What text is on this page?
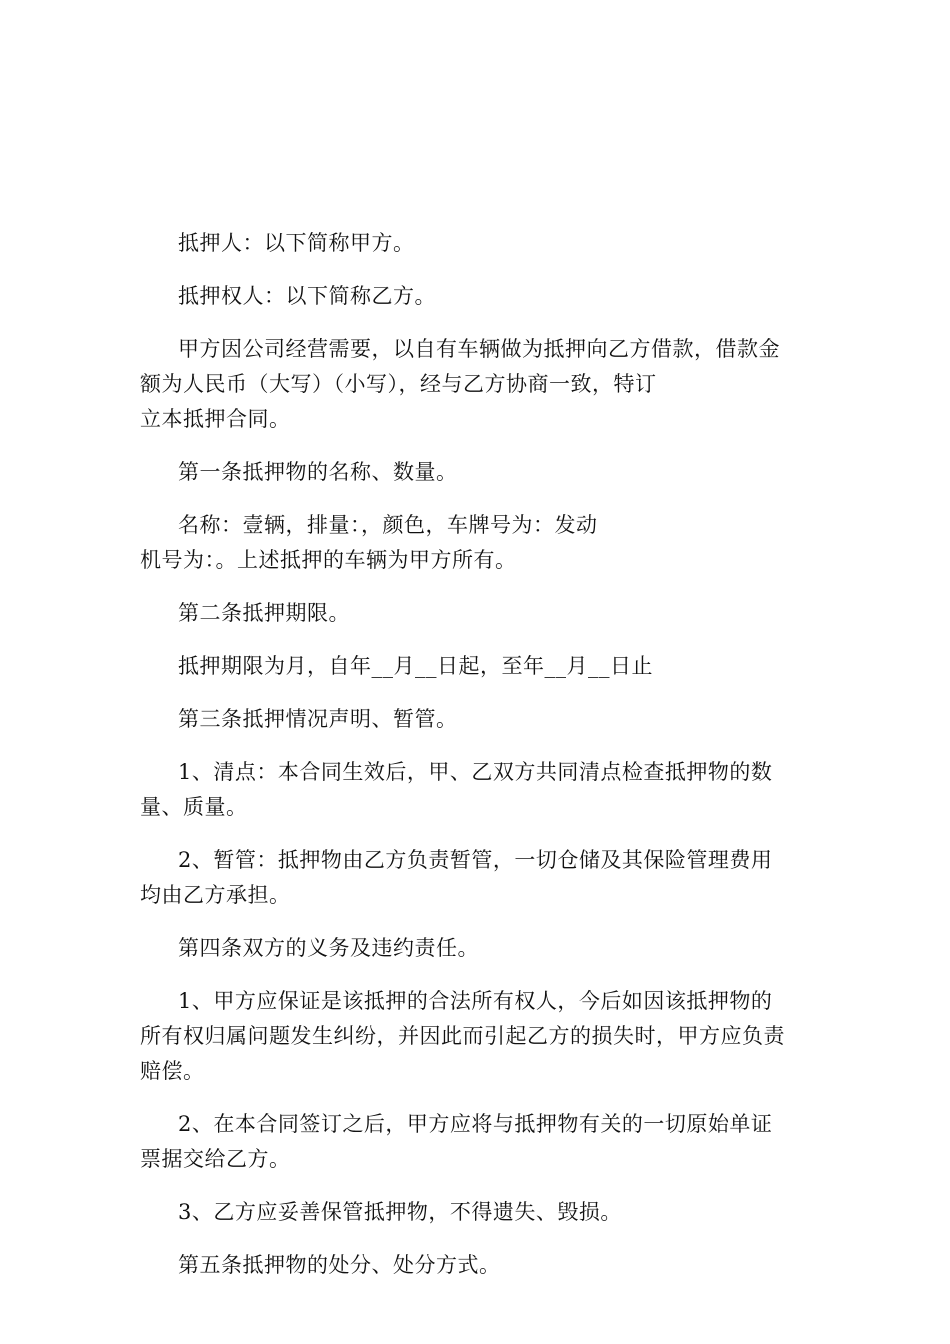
抵押人：以下简称甲方。

抵押权人：以下简称乙方。

甲方因公司经营需要，以自有车辆做为抵押向乙方借款，借款金
额为人民币（大写）（小写），经与乙方协商一致，特订
立本抵押合同。

第一条抵押物的名称、数量。

名称：壹辆，排量：，颜色，车牌号为：发动
机号为：。上述抵押的车辆为甲方所有。

第二条抵押期限。

抵押期限为月，自年__月__日起，至年__月__日止

第三条抵押情况声明、暂管。

1、清点：本合同生效后，甲、乙双方共同清点检查抵押物的数
量、质量。

2、暂管：抵押物由乙方负责暂管，一切仓储及其保险管理费用
均由乙方承担。

第四条双方的义务及违约责任。

1、甲方应保证是该抵押的合法所有权人，今后如因该抵押物的
所有权归属问题发生纠纷，并因此而引起乙方的损失时，甲方应负责
赔偿。

2、在本合同签订之后，甲方应将与抵押物有关的一切原始单证
票据交给乙方。

3、乙方应妥善保管抵押物，不得遗失、毁损。

第五条抵押物的处分、处分方式。
